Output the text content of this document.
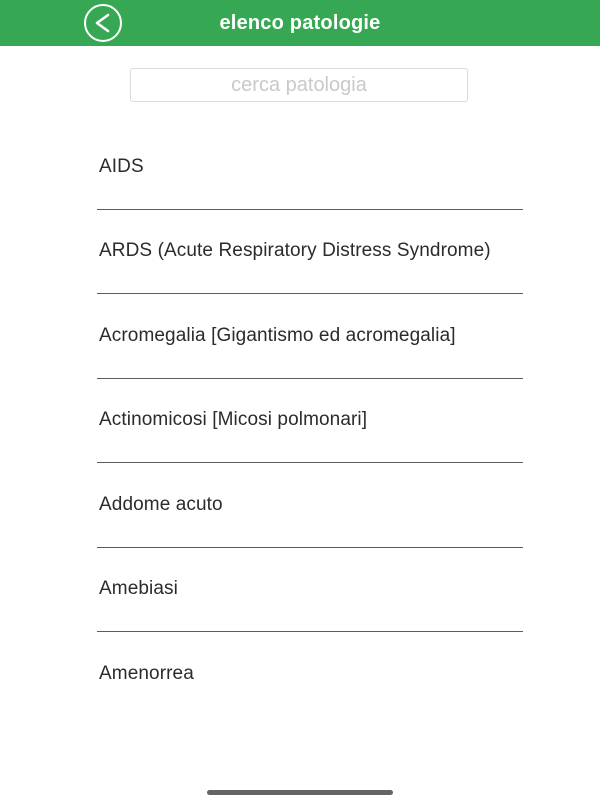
elenco patologie
cerca patologia
AIDS
ARDS (Acute Respiratory Distress Syndrome)
Acromegalia [Gigantismo ed acromegalia]
Actinomicosi [Micosi polmonari]
Addome acuto
Amebiasi
Amenorrea
